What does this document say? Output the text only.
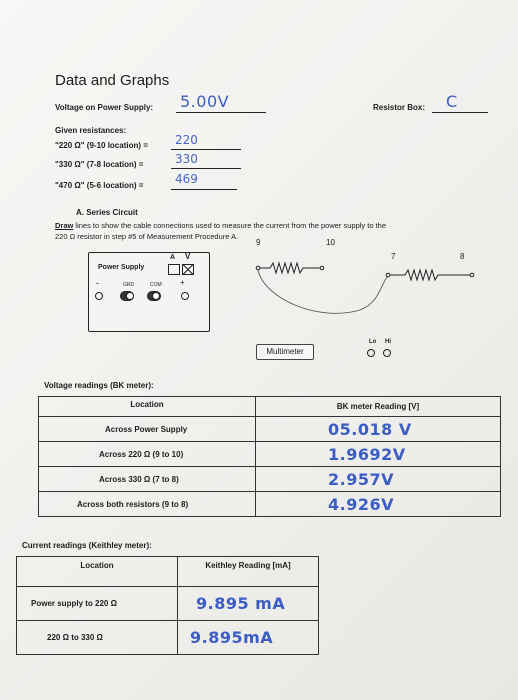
Data and Graphs
Voltage on Power Supply: 5.00V	Resistor Box: C
Given resistances:
"220 Ω" (9-10 location) = 220
"330 Ω" (7-8 location) =	330
"470 Ω" (5-6 location) =	469
A. Series Circuit
Draw lines to show the cable connections used to measure the current from the power supply to the
220 Ω resistor in step #5 of Measurement Procedure A.
Power Supply
A V
GRD	COM
-	+
9	10
7	8
Multimeter
Lo Hi
Voltage readings (BK meter):
Location	BK meter Reading [V]
Across Power Supply	05.018 V
Across 220 Ω (9 to 10)	1.9692V
Across 330 Ω (7 to 8)	2.957V
Across both resistors (9 to 8)	4.926V
Current readings (Keithley meter):
Location	Keithley Reading [mA]
Power supply to 220 Ω	9.895 mA
220 Ω to 330 Ω	9.895mA
